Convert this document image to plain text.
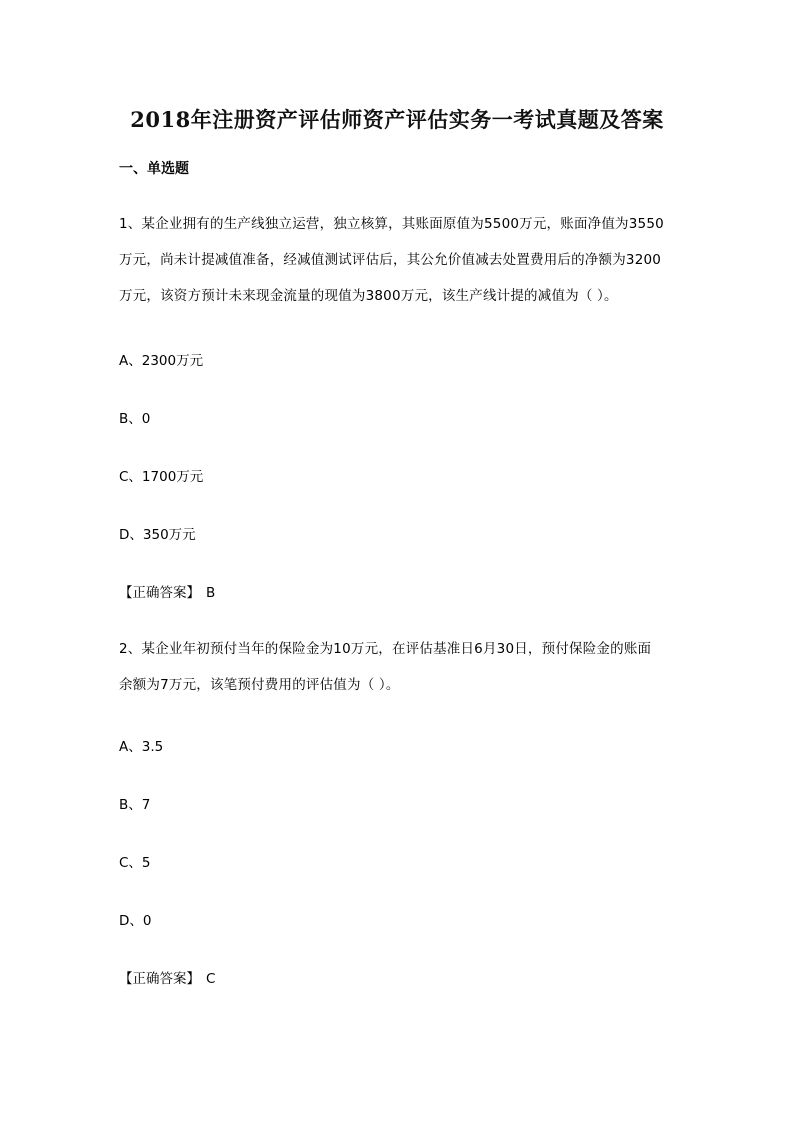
2018年注册资产评估师资产评估实务一考试真题及答案
一、单选题
1、某企业拥有的生产线独立运营，独立核算，其账面原值为5500万元，账面净值为3550
万元，尚未计提减值准备，经减值测试评估后，其公允价值减去处置费用后的净额为3200
万元，该资方预计未来现金流量的现值为3800万元，该生产线计提的减值为（ ）。
A、2300万元
B、0
C、1700万元
D、350万元
【正确答案】 B
2、某企业年初预付当年的保险金为10万元，在评估基准日6月30日，预付保险金的账面
余额为7万元，该笔预付费用的评估值为（ ）。
A、3.5
B、7
C、5
D、0
【正确答案】 C
